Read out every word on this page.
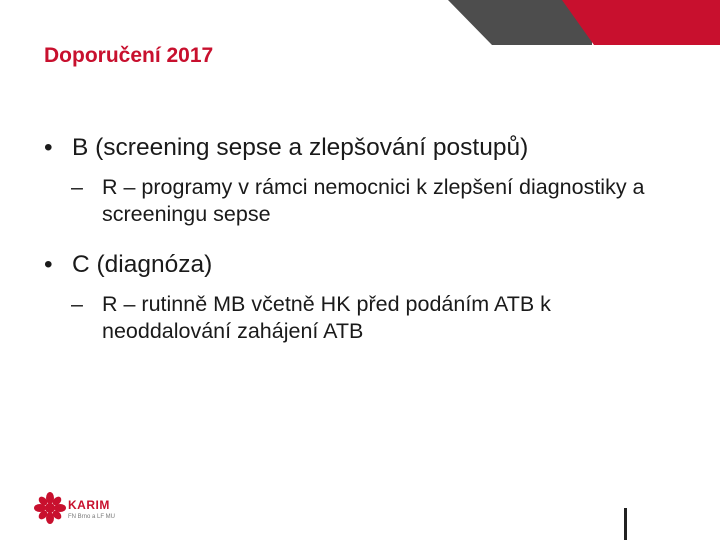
Doporučení 2017
• B (screening sepse a zlepšování postupů)
– R – programy v rámci nemocnici k zlepšení diagnostiky a screeningu sepse
• C (diagnóza)
– R – rutinně MB včetně HK před podáním ATB k neoddalování zahájení ATB
KARIM
FN Brno a LF MU
